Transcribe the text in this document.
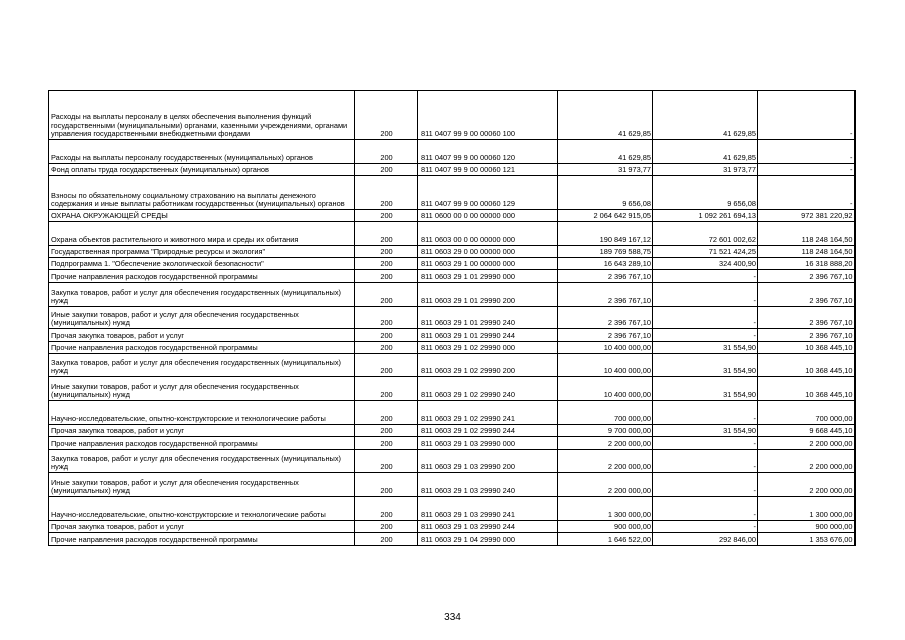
Расходы на выплаты персоналу в целях обеспечения выполнения функций государственными (муниципальными) органами, казенными учреждениями, органами управления государственными внебюджетными фондами	200	811 0407 99 9 00 00060 100	41 629,85	41 629,85	-
Расходы на выплаты персоналу государственных (муниципальных) органов	200	811 0407 99 9 00 00060 120	41 629,85	41 629,85	-
Фонд оплаты труда государственных (муниципальных) органов	200	811 0407 99 9 00 00060 121	31 973,77	31 973,77	-
Взносы по обязательному социальному страхованию на выплаты денежного содержания и иные выплаты работникам государственных (муниципальных) органов	200	811 0407 99 9 00 00060 129	9 656,08	9 656,08	-
ОХРАНА ОКРУЖАЮЩЕЙ СРЕДЫ	200	811 0600 00 0 00 00000 000	2 064 642 915,05	1 092 261 694,13	972 381 220,92
Охрана объектов растительного и животного мира и среды их обитания	200	811 0603 00 0 00 00000 000	190 849 167,12	72 601 002,62	118 248 164,50
Государственная программа "Природные ресурсы и экология"	200	811 0603 29 0 00 00000 000	189 769 588,75	71 521 424,25	118 248 164,50
Подпрограмма 1. "Обеспечение экологической безопасности"	200	811 0603 29 1 00 00000 000	16 643 289,10	324 400,90	16 318 888,20
Прочие направления расходов государственной программы	200	811 0603 29 1 01 29990 000	2 396 767,10	-	2 396 767,10
Закупка товаров, работ и услуг для обеспечения государственных (муниципальных) нужд	200	811 0603 29 1 01 29990 200	2 396 767,10	-	2 396 767,10
Иные закупки товаров, работ и услуг для обеспечения государственных (муниципальных) нужд	200	811 0603 29 1 01 29990 240	2 396 767,10	-	2 396 767,10
Прочая закупка товаров, работ и услуг	200	811 0603 29 1 01 29990 244	2 396 767,10	-	2 396 767,10
Прочие направления расходов государственной программы	200	811 0603 29 1 02 29990 000	10 400 000,00	31 554,90	10 368 445,10
Закупка товаров, работ и услуг для обеспечения государственных (муниципальных) нужд	200	811 0603 29 1 02 29990 200	10 400 000,00	31 554,90	10 368 445,10
Иные закупки товаров, работ и услуг для обеспечения государственных (муниципальных) нужд	200	811 0603 29 1 02 29990 240	10 400 000,00	31 554,90	10 368 445,10
Научно-исследовательские, опытно-конструкторские и технологические работы	200	811 0603 29 1 02 29990 241	700 000,00	-	700 000,00
Прочая закупка товаров, работ и услуг	200	811 0603 29 1 02 29990 244	9 700 000,00	31 554,90	9 668 445,10
Прочие направления расходов государственной программы	200	811 0603 29 1 03 29990 000	2 200 000,00	-	2 200 000,00
Закупка товаров, работ и услуг для обеспечения государственных (муниципальных) нужд	200	811 0603 29 1 03 29990 200	2 200 000,00	-	2 200 000,00
Иные закупки товаров, работ и услуг для обеспечения государственных (муниципальных) нужд	200	811 0603 29 1 03 29990 240	2 200 000,00	-	2 200 000,00
Научно-исследовательские, опытно-конструкторские и технологические работы	200	811 0603 29 1 03 29990 241	1 300 000,00	-	1 300 000,00
Прочая закупка товаров, работ и услуг	200	811 0603 29 1 03 29990 244	900 000,00	-	900 000,00
Прочие направления расходов государственной программы	200	811 0603 29 1 04 29990 000	1 646 522,00	292 846,00	1 353 676,00
334
